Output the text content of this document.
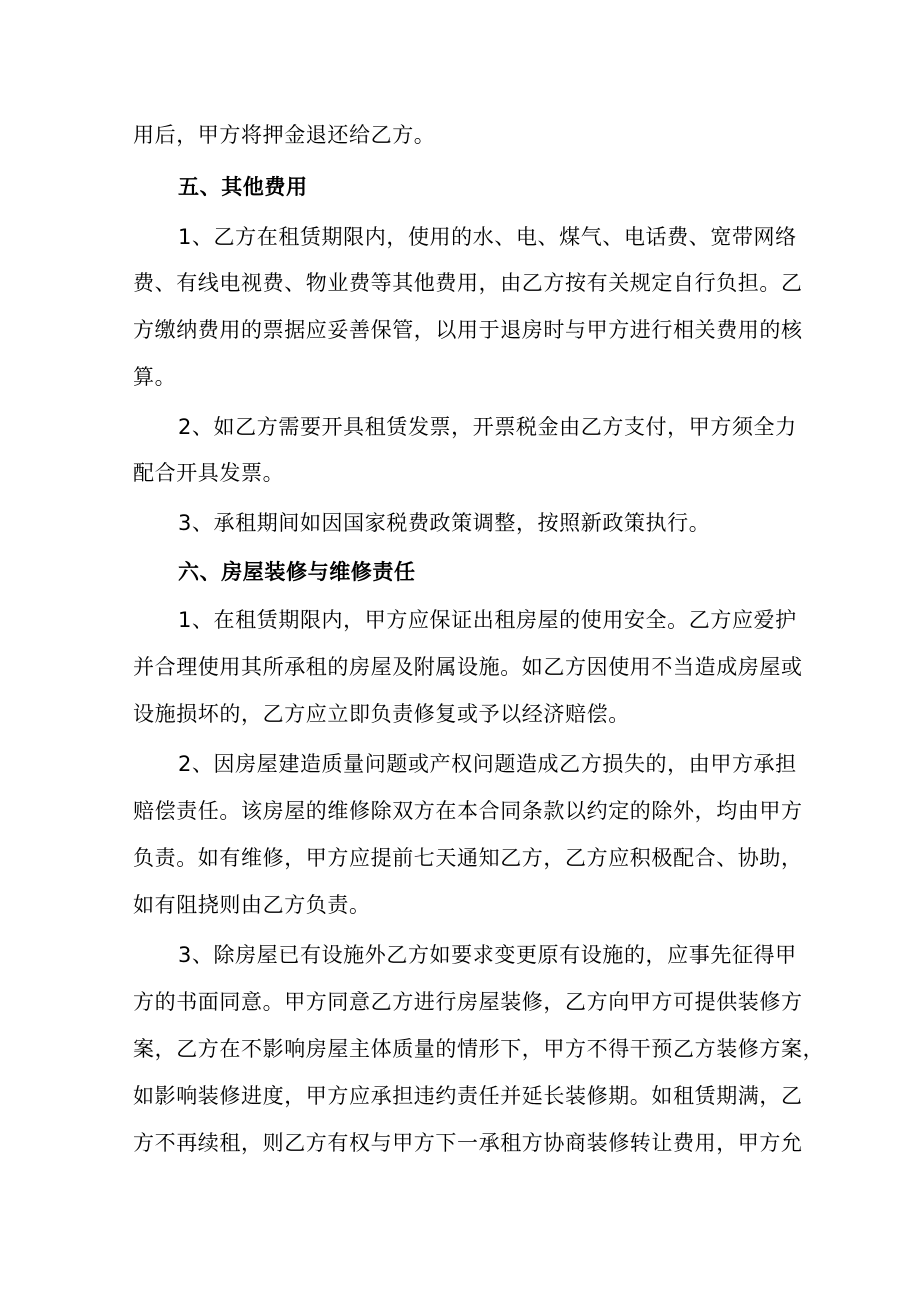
用后，甲方将押金退还给乙方。
五、其他费用
1、乙方在租赁期限内，使用的水、电、煤气、电话费、宽带网络
费、有线电视费、物业费等其他费用，由乙方按有关规定自行负担。乙
方缴纳费用的票据应妥善保管，以用于退房时与甲方进行相关费用的核
算。
2、如乙方需要开具租赁发票，开票税金由乙方支付，甲方须全力
配合开具发票。
3、承租期间如因国家税费政策调整，按照新政策执行。
六、房屋装修与维修责任
1、在租赁期限内，甲方应保证出租房屋的使用安全。乙方应爱护
并合理使用其所承租的房屋及附属设施。如乙方因使用不当造成房屋或
设施损坏的，乙方应立即负责修复或予以经济赔偿。
2、因房屋建造质量问题或产权问题造成乙方损失的，由甲方承担
赔偿责任。该房屋的维修除双方在本合同条款以约定的除外，均由甲方
负责。如有维修，甲方应提前七天通知乙方，乙方应积极配合、协助，
如有阻挠则由乙方负责。
3、除房屋已有设施外乙方如要求变更原有设施的，应事先征得甲
方的书面同意。甲方同意乙方进行房屋装修，乙方向甲方可提供装修方
案，乙方在不影响房屋主体质量的情形下，甲方不得干预乙方装修方案，
如影响装修进度，甲方应承担违约责任并延长装修期。如租赁期满，乙
方不再续租，则乙方有权与甲方下一承租方协商装修转让费用，甲方允
